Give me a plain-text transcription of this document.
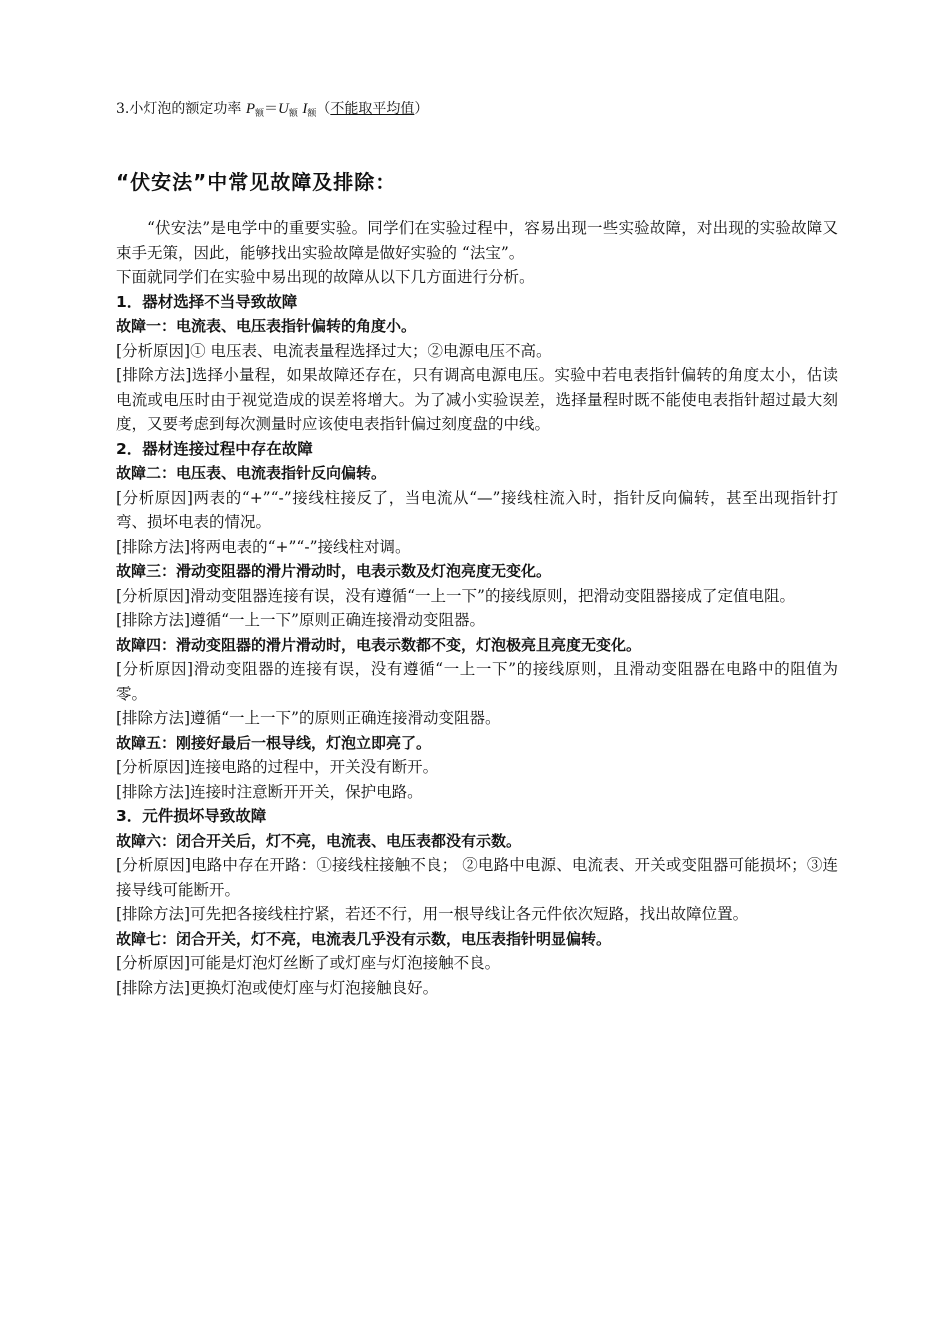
3.小灯泡的额定功率 $P_额=U_额$ $I_额$（不能取平均值）
“伏安法”中常见故障及排除：

“伏安法”是电学中的重要实验。同学们在实验过程中，容易出现一些实验故障，对出现的实验故障又束手无策，因此，能够找出实验故障是做好实验的 “法宝”。

下面就同学们在实验中易出现的故障从以下几方面进行分析。

1．器材选择不当导致故障

故障一：电流表、电压表指针偏转的角度小。

[分析原因]① 电压表、电流表量程选择过大；②电源电压不高。

[排除方法]选择小量程，如果故障还存在，只有调高电源电压。实验中若电表指针偏转的角度太小，估读电流或电压时由于视觉造成的误差将增大。为了减小实验误差，选择量程时既不能使电表指针超过最大刻度，又要考虑到每次测量时应该使电表指针偏过刻度盘的中线。

2．器材连接过程中存在故障

故障二：电压表、电流表指针反向偏转。

[分析原因]两表的“+”“-”接线柱接反了，当电流从“—”接线柱流入时，指针反向偏转，甚至出现指针打弯、损坏电表的情况。

[排除方法]将两电表的“+”“-”接线柱对调。

故障三：滑动变阻器的滑片滑动时，电表示数及灯泡亮度无变化。

[分析原因]滑动变阻器连接有误，没有遵循“一上一下”的接线原则，把滑动变阻器接成了定值电阻。

[排除方法]遵循“一上一下”原则正确连接滑动变阻器。

故障四：滑动变阻器的滑片滑动时，电表示数都不变，灯泡极亮且亮度无变化。

[分析原因]滑动变阻器的连接有误，没有遵循“一上一下”的接线原则，且滑动变阻器在电路中的阻值为零。

[排除方法]遵循“一上一下”的原则正确连接滑动变阻器。

故障五：刚接好最后一根导线，灯泡立即亮了。

[分析原因]连接电路的过程中，开关没有断开。

[排除方法]连接时注意断开开关，保护电路。

3．元件损坏导致故障

故障六：闭合开关后，灯不亮，电流表、电压表都没有示数。

[分析原因]电路中存在开路：①接线柱接触不良； ②电路中电源、电流表、开关或变阻器可能损坏；③连接导线可能断开。

[排除方法]可先把各接线柱拧紧，若还不行，用一根导线让各元件依次短路，找出故障位置。

故障七：闭合开关，灯不亮，电流表几乎没有示数，电压表指针明显偏转。

[分析原因]可能是灯泡灯丝断了或灯座与灯泡接触不良。

[排除方法]更换灯泡或使灯座与灯泡接触良好。
